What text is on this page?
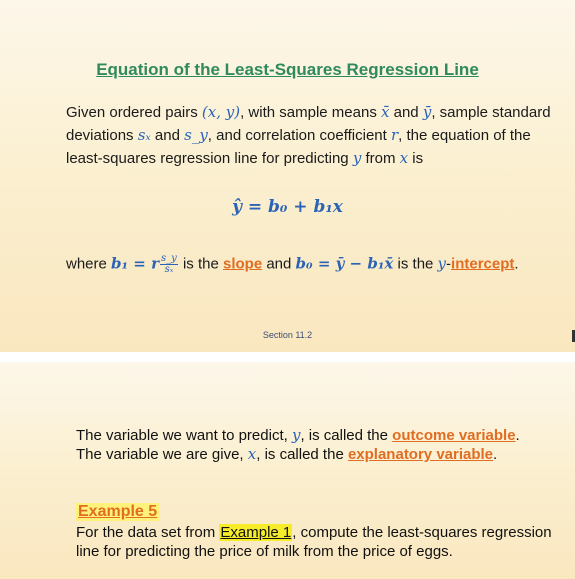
Equation of the Least-Squares Regression Line
Given ordered pairs (x, y), with sample means x̄ and ȳ, sample standard deviations sₓ and s_y, and correlation coefficient r, the equation of the least-squares regression line for predicting y from x is
ŷ = b₀ + b₁x
where b₁ = r $\frac{s\_y}{\text{sₓ}}$ is the slope and b₀ = ȳ − b₁x̄ is the y-intercept.
Section 11.2
The variable we want to predict, y, is called the outcome variable.
The variable we are give, x, is called the explanatory variable.
Example 5
For the data set from Example 1, compute the least-squares regression line for predicting the price of milk from the price of eggs.
